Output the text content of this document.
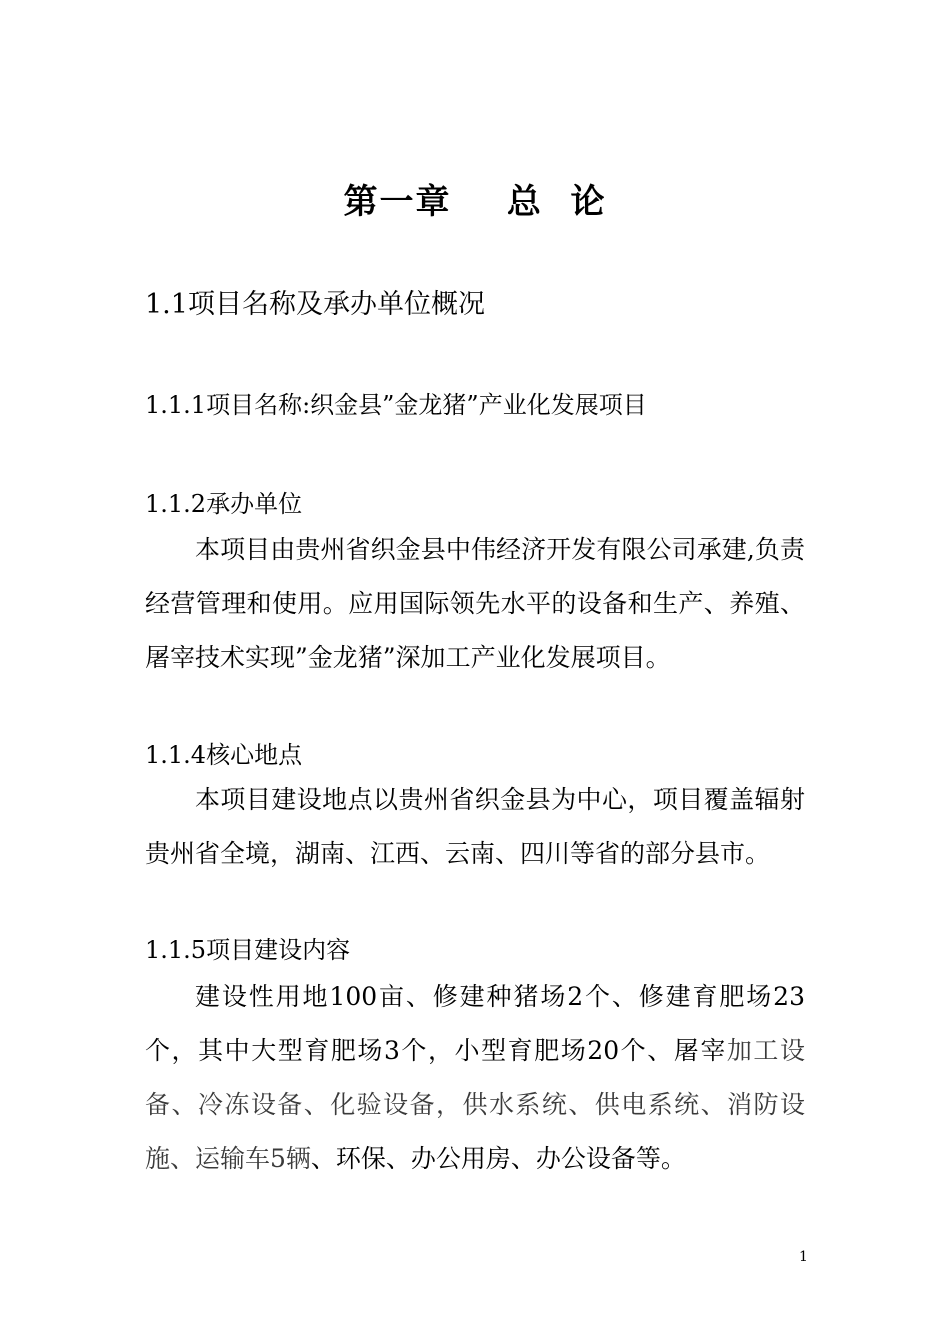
第一章    总  论
1.1项目名称及承办单位概况
1.1.1项目名称:织金县”金龙猪”产业化发展项目
1.1.2承办单位

本项目由贵州省织金县中伟经济开发有限公司承建,负责经营管理和使用。应用国际领先水平的设备和生产、养殖、屠宰技术实现”金龙猪”深加工产业化发展项目。

1.1.4核心地点

本项目建设地点以贵州省织金县为中心，项目覆盖辐射贵州省全境，湖南、江西、云南、四川等省的部分县市。

1.1.5项目建设内容

建设性用地100亩、修建种猪场2个、修建育肥场23个，其中大型育肥场3个，小型育肥场20个、屠宰加工设备、冷冻设备、化验设备，供水系统、供电系统、消防设施、运输车5辆、环保、办公用房、办公设备等。

1
